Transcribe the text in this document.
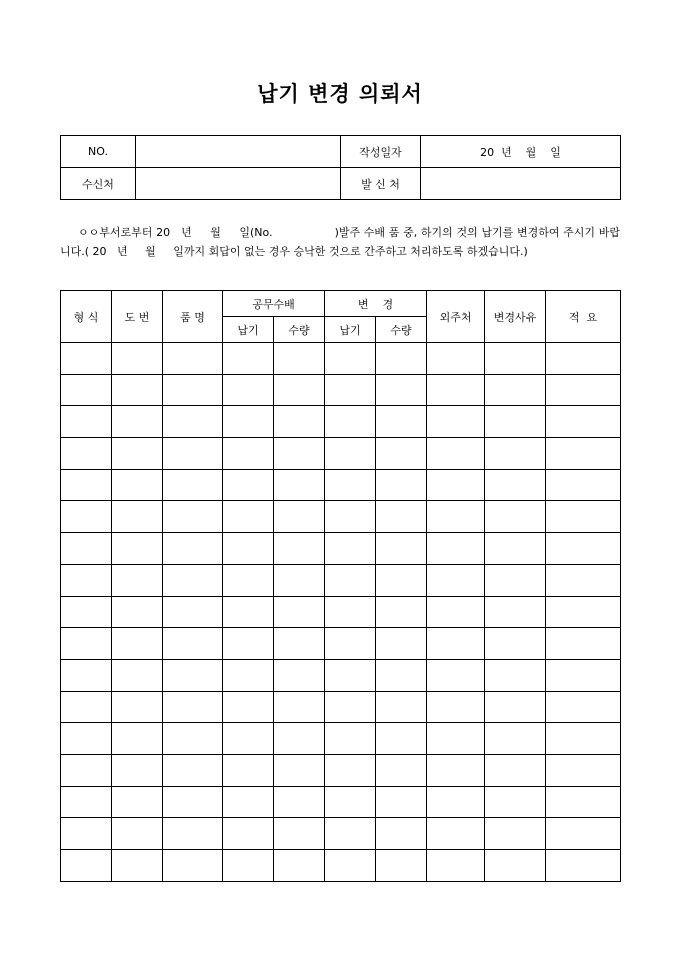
납기 변경 의뢰서
NO.		작성일자	20  년    월    일
수신처		발 신 처	

ㅇㅇ부서로부터 20   년     월     일(No.	)발주 수배 품 중, 하기의 것의 납기를 변경하여 주시기 바랍니다.( 20   년     월     일까지 회답이 없는 경우 승낙한 것으로 간주하고 처리하도록 하겠습니다.)

형 식	도 번	품 명	공무수배		변    경		외주처	변경사유	적  요
			납기	수량	납기	수량			
